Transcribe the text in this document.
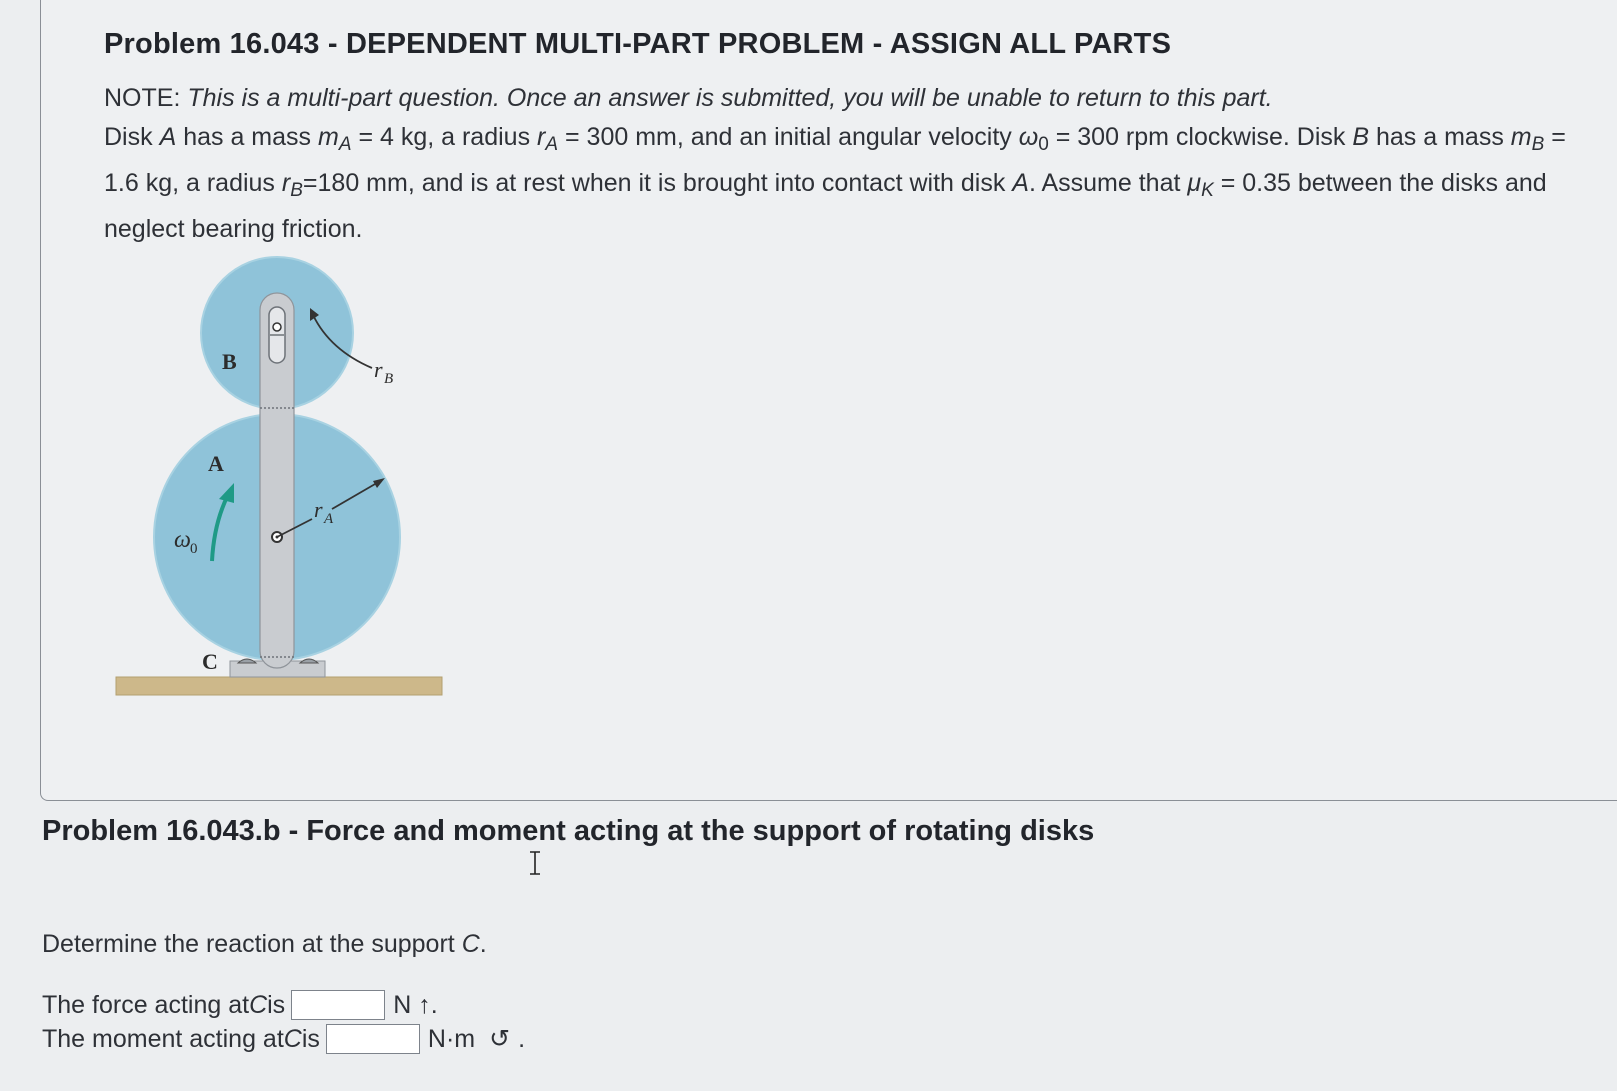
Problem 16.043 - DEPENDENT MULTI-PART PROBLEM - ASSIGN ALL PARTS
NOTE: This is a multi-part question. Once an answer is submitted, you will be unable to return to this part.
Disk A has a mass $m_A = 4$ kg, a radius $r_A = 300$ mm, and an initial angular velocity $\omega_0 = 300$ rpm clockwise. Disk B has a mass $m_B = 1.6$ kg, a radius $r_B=180$ mm, and is at rest when it is brought into contact with disk A. Assume that $\mu_K = 0.35$ between the disks and neglect bearing friction.
B
A
C
r B
r A
ω 0
Problem 16.043.b - Force and moment acting at the support of rotating disks
Determine the reaction at the support C.
The force acting at C is	N ↑.
The moment acting at C is	N·m ↺ .
